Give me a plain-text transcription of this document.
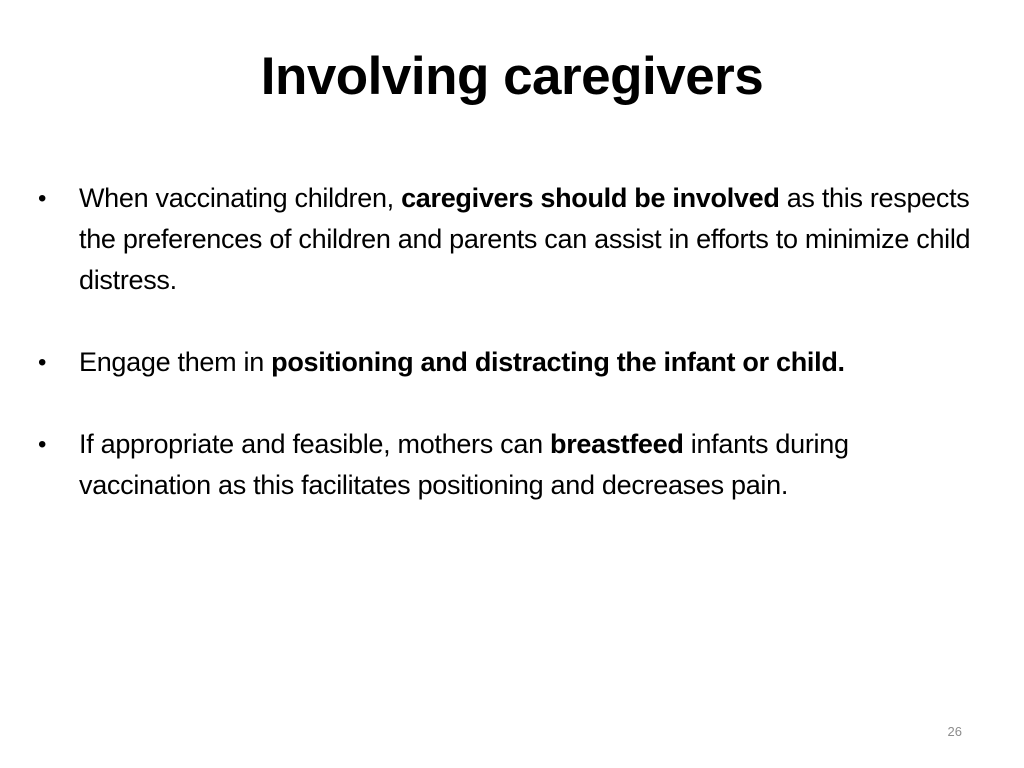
Involving caregivers
• When vaccinating children, caregivers should be involved as this respects the preferences of children and parents can assist in efforts to minimize child distress.
• Engage them in positioning and distracting the infant or child.
• If appropriate and feasible, mothers can breastfeed infants during vaccination as this facilitates positioning and decreases pain.
26
